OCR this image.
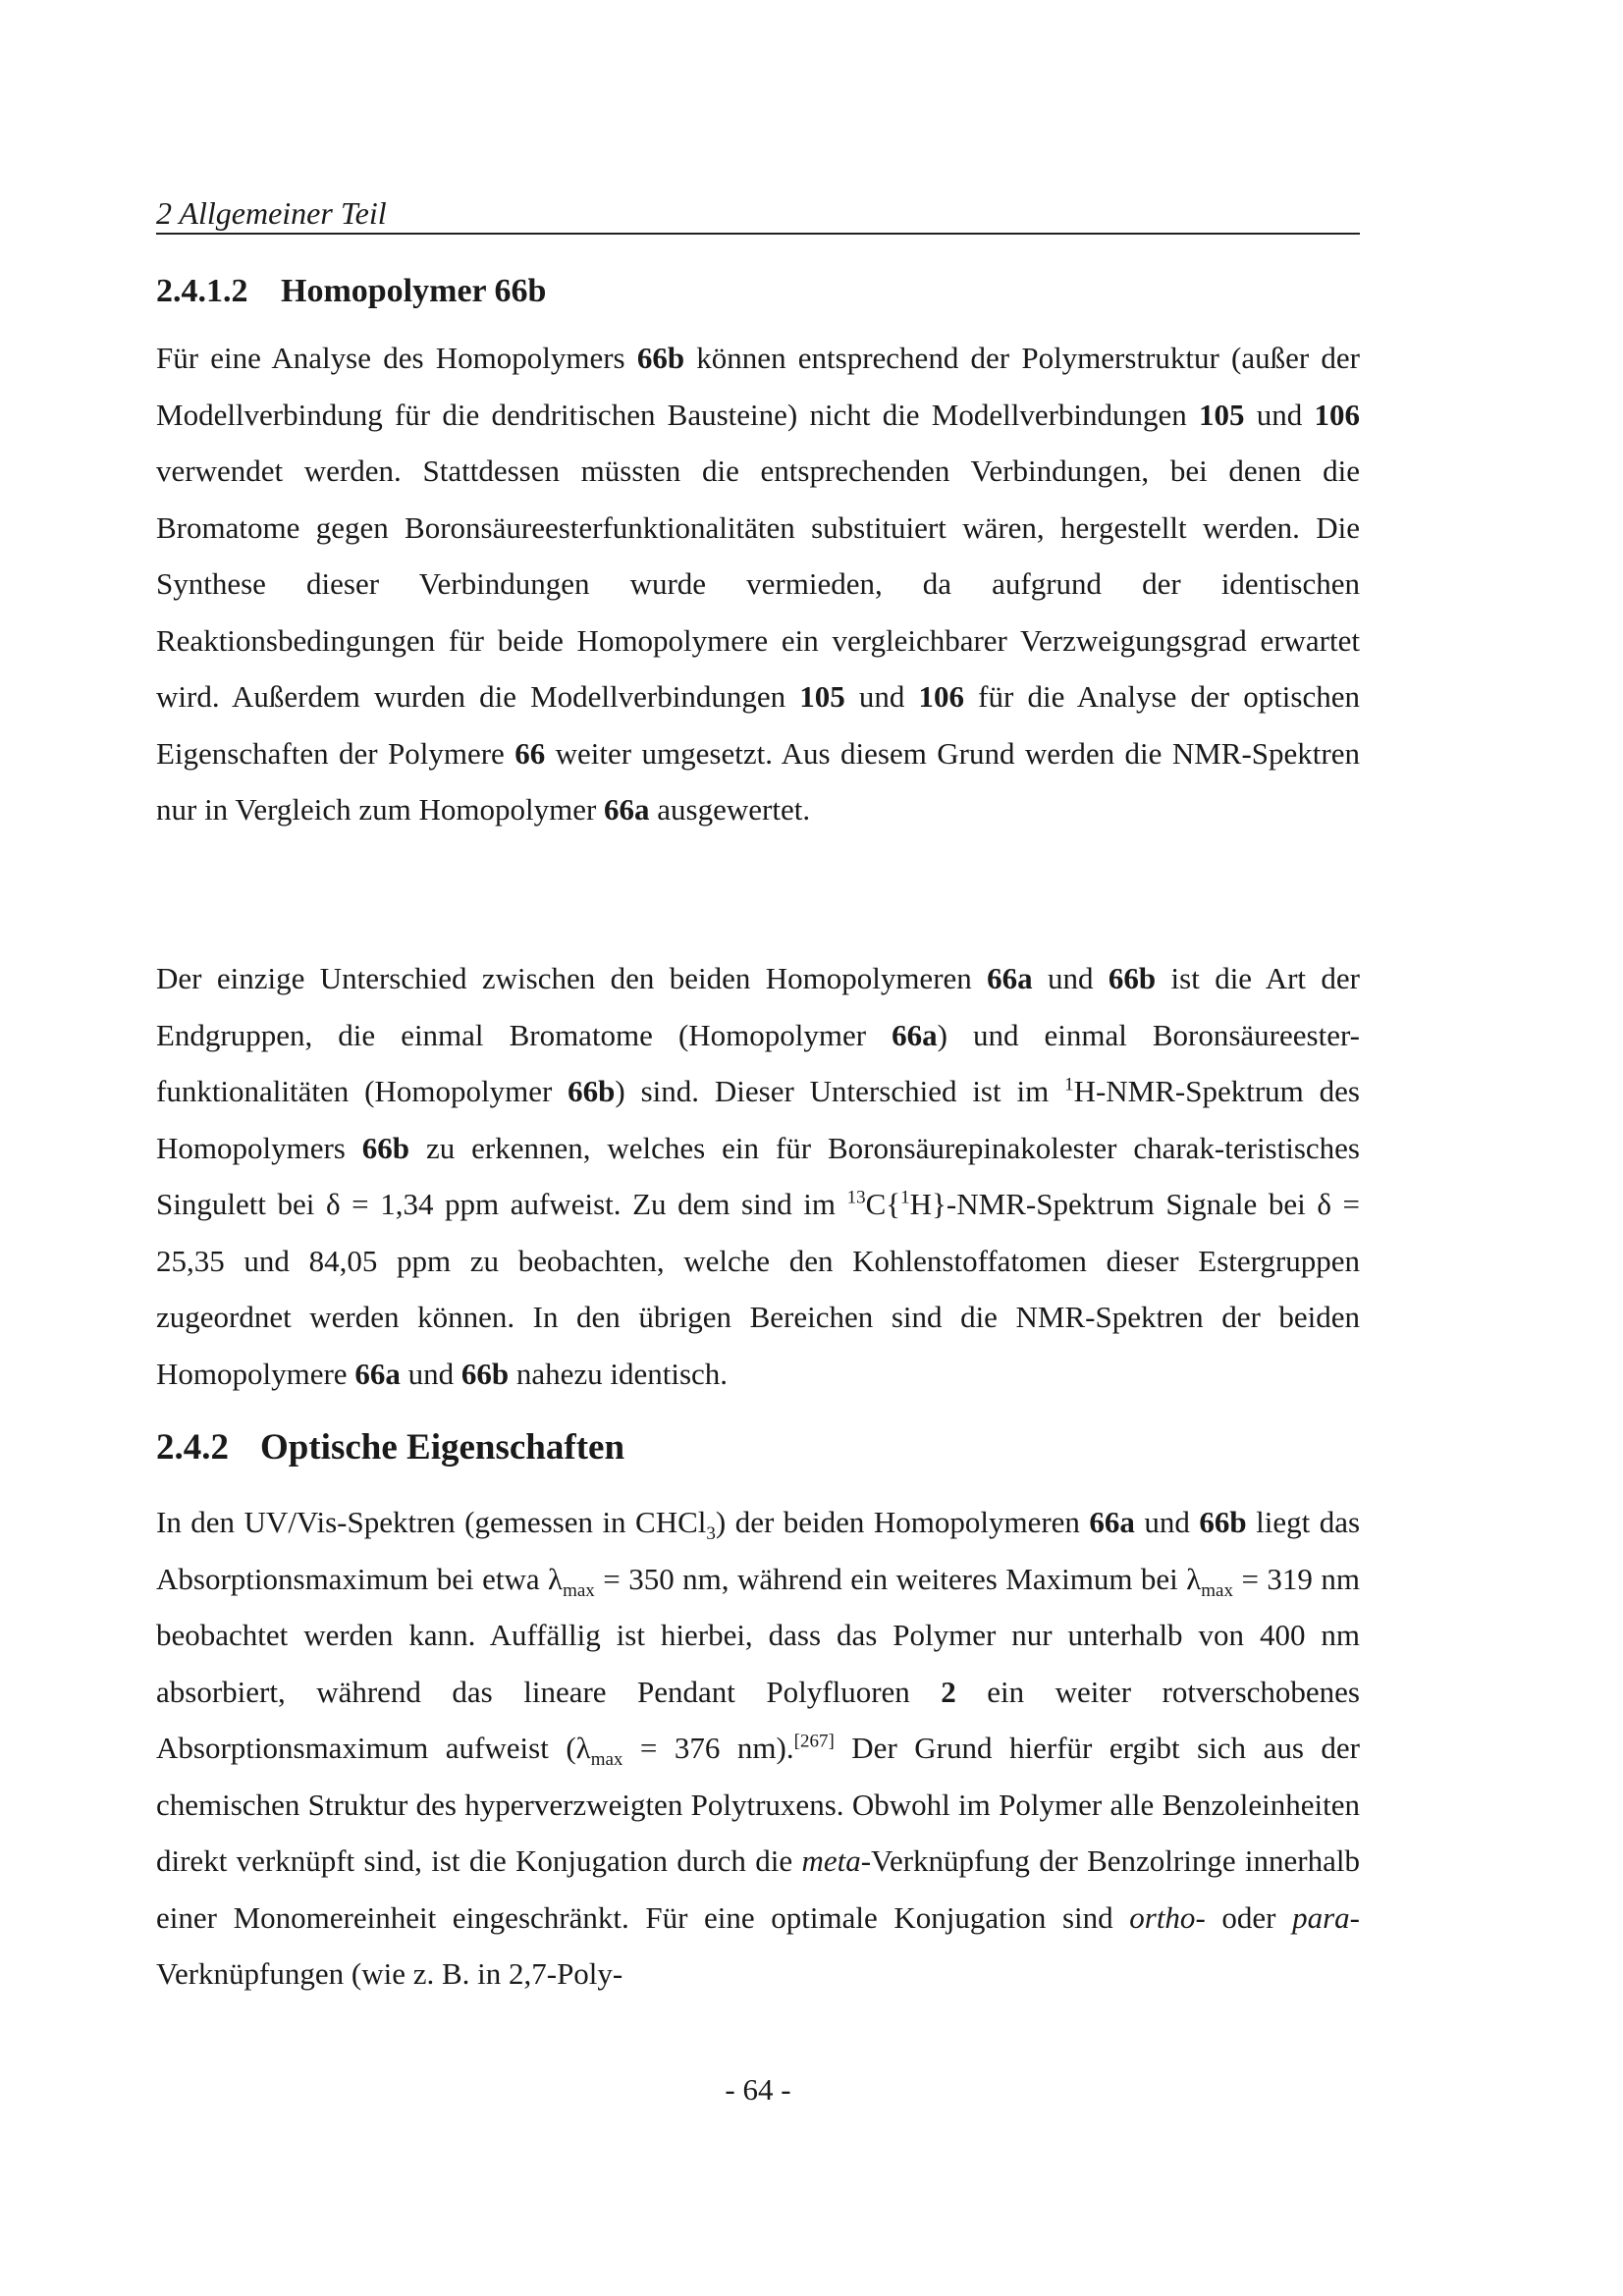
2 Allgemeiner Teil
2.4.1.2 Homopolymer 66b

Für eine Analyse des Homopolymers 66b können entsprechend der Polymerstruktur (außer der Modellverbindung für die dendritischen Bausteine) nicht die Modellverbindungen 105 und 106 verwendet werden. Stattdessen müssten die entsprechenden Verbindungen, bei denen die Bromatome gegen Boronsäureesterfunktionalitäten substituiert wären, hergestellt werden. Die Synthese dieser Verbindungen wurde vermieden, da aufgrund der identischen Reaktionsbedingungen für beide Homopolymere ein vergleichbarer Verzweigungsgrad erwartet wird. Außerdem wurden die Modellverbindungen 105 und 106 für die Analyse der optischen Eigenschaften der Polymere 66 weiter umgesetzt. Aus diesem Grund werden die NMR-Spektren nur in Vergleich zum Homopolymer 66a ausgewertet.

Der einzige Unterschied zwischen den beiden Homopolymeren 66a und 66b ist die Art der Endgruppen, die einmal Bromatome (Homopolymer 66a) und einmal Boronsäureester-funktionalitäten (Homopolymer 66b) sind. Dieser Unterschied ist im $^1$H-NMR-Spektrum des Homopolymers 66b zu erkennen, welches ein für Boronsäurepinakolester charak-teristisches Singulett bei δ = 1,34 ppm aufweist. Zu dem sind im $^{13}$C{$^1$H}-NMR-Spektrum Signale bei δ = 25,35 und 84,05 ppm zu beobachten, welche den Kohlenstoffatomen dieser Estergruppen zugeordnet werden können. In den übrigen Bereichen sind die NMR-Spektren der beiden Homopolymere 66a und 66b nahezu identisch.

2.4.2 Optische Eigenschaften

In den UV/Vis-Spektren (gemessen in CHCl$_3$) der beiden Homopolymeren 66a und 66b liegt das Absorptionsmaximum bei etwa $\lambda_{max} = 350$ nm, während ein weiteres Maximum bei $\lambda_{max} = 319$ nm beobachtet werden kann. Auffällig ist hierbei, dass das Polymer nur unterhalb von 400 nm absorbiert, während das lineare Pendant Polyfluoren 2 ein weiter rotverschobenes Absorptionsmaximum aufweist ($\lambda_{max} = 376$ nm).[267] Der Grund hierfür ergibt sich aus der chemischen Struktur des hyperverzweigten Polytruxens. Obwohl im Polymer alle Benzoleinheiten direkt verknüpft sind, ist die Konjugation durch die meta-Verknüpfung der Benzolringe innerhalb einer Monomereinheit eingeschränkt. Für eine optimale Konjugation sind ortho- oder para-Verknüpfungen (wie z. B. in 2,7-Poly-

- 64 -
